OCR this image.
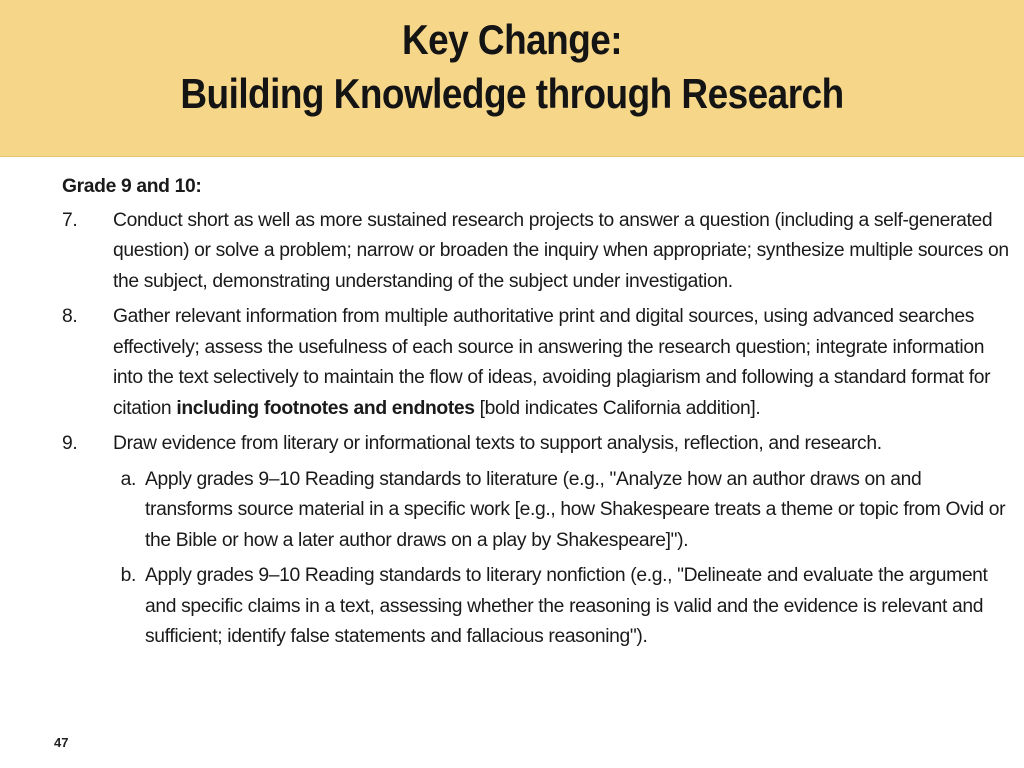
Key Change:
Building Knowledge through Research
Grade 9 and 10:
7.	Conduct short as well as more sustained research projects to answer a question (including a self-generated question) or solve a problem; narrow or broaden the inquiry when appropriate; synthesize multiple sources on the subject, demonstrating understanding of the subject under investigation.
8.	Gather relevant information from multiple authoritative print and digital sources, using advanced searches effectively; assess the usefulness of each source in answering the research question; integrate information into the text selectively to maintain the flow of ideas, avoiding plagiarism and following a standard format for citation including footnotes and endnotes [bold indicates California addition].
9.	Draw evidence from literary or informational texts to support analysis, reflection, and research.
a. Apply grades 9–10 Reading standards to literature (e.g., "Analyze how an author draws on and transforms source material in a specific work [e.g., how Shakespeare treats a theme or topic from Ovid or the Bible or how a later author draws on a play by Shakespeare]").
b. Apply grades 9–10 Reading standards to literary nonfiction (e.g., "Delineate and evaluate the argument and specific claims in a text, assessing whether the reasoning is valid and the evidence is relevant and sufficient; identify false statements and fallacious reasoning").
47
